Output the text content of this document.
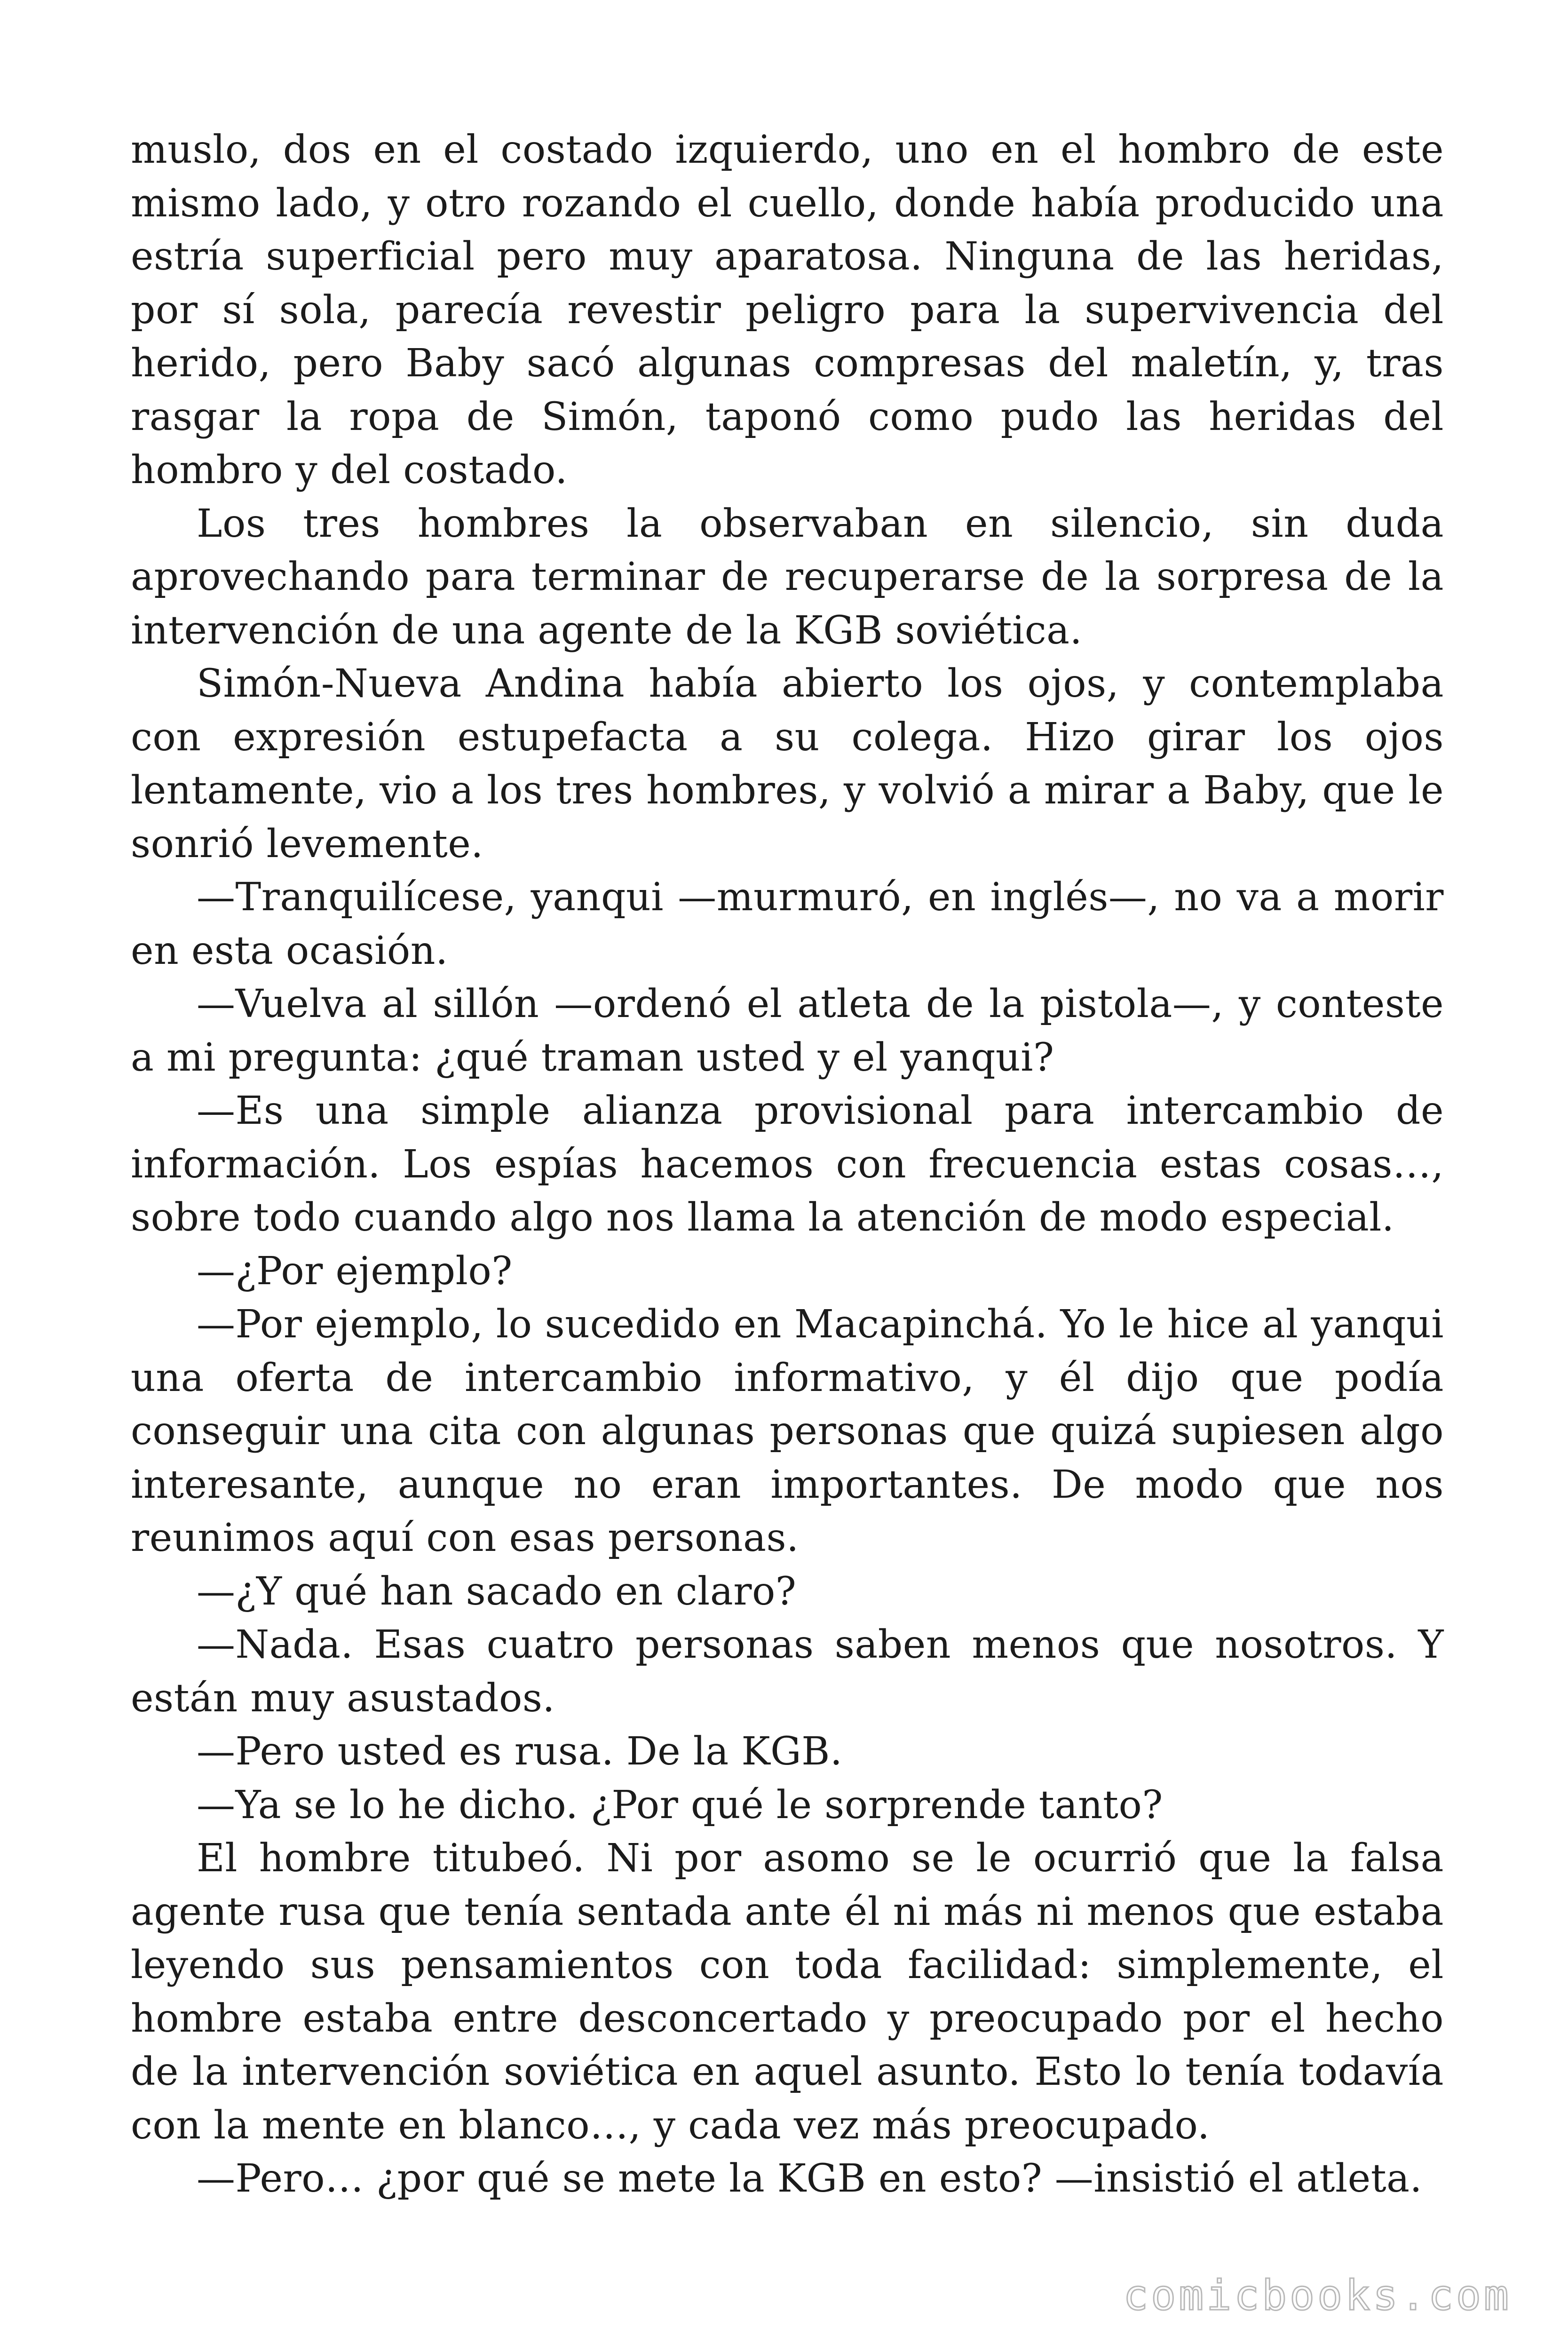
muslo, dos en el costado izquierdo, uno en el hombro de este mismo lado, y otro rozando el cuello, donde había producido una estría superficial pero muy aparatosa. Ninguna de las heridas, por sí sola, parecía revestir peligro para la supervivencia del herido, pero Baby sacó algunas compresas del maletín, y, tras rasgar la ropa de Simón, taponó como pudo las heridas del hombro y del costado.

Los tres hombres la observaban en silencio, sin duda aprovechando para terminar de recuperarse de la sorpresa de la intervención de una agente de la KGB soviética.

Simón-Nueva Andina había abierto los ojos, y contemplaba con expresión estupefacta a su colega. Hizo girar los ojos lentamente, vio a los tres hombres, y volvió a mirar a Baby, que le sonrió levemente.

—Tranquilícese, yanqui —murmuró, en inglés—, no va a morir en esta ocasión.

—Vuelva al sillón —ordenó el atleta de la pistola—, y conteste a mi pregunta: ¿qué traman usted y el yanqui?

—Es una simple alianza provisional para intercambio de información. Los espías hacemos con frecuencia estas cosas…, sobre todo cuando algo nos llama la atención de modo especial.

—¿Por ejemplo?

—Por ejemplo, lo sucedido en Macapinchá. Yo le hice al yanqui una oferta de intercambio informativo, y él dijo que podía conseguir una cita con algunas personas que quizá supiesen algo interesante, aunque no eran importantes. De modo que nos reunimos aquí con esas personas.

—¿Y qué han sacado en claro?

—Nada. Esas cuatro personas saben menos que nosotros. Y están muy asustados.

—Pero usted es rusa. De la KGB.

—Ya se lo he dicho. ¿Por qué le sorprende tanto?

El hombre titubeó. Ni por asomo se le ocurrió que la falsa agente rusa que tenía sentada ante él ni más ni menos que estaba leyendo sus pensamientos con toda facilidad: simplemente, el hombre estaba entre desconcertado y preocupado por el hecho de la intervención soviética en aquel asunto. Esto lo tenía todavía con la mente en blanco…, y cada vez más preocupado.

—Pero… ¿por qué se mete la KGB en esto? —insistió el atleta.

comicbooks.com
